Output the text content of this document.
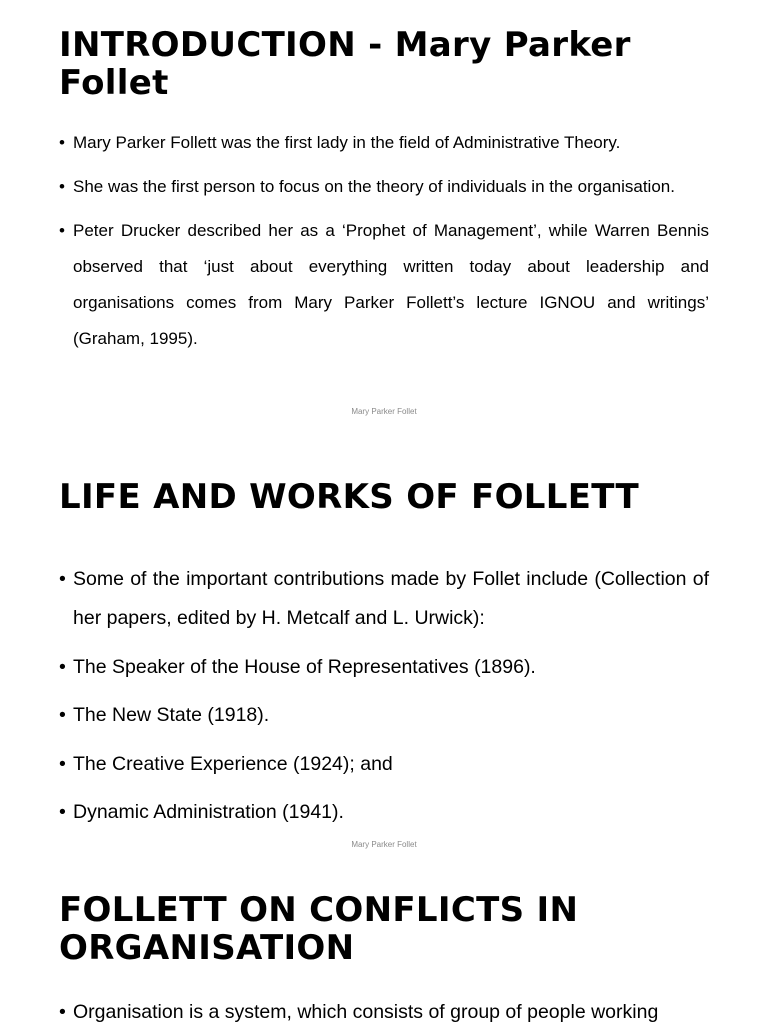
INTRODUCTION - Mary Parker Follet
• Mary Parker Follett was the first lady in the field of Administrative Theory.
• She was the first person to focus on the theory of individuals in the organisation.
• Peter Drucker described her as a ‘Prophet of Management’, while Warren Bennis observed that ‘just about everything written today about leadership and organisations comes from Mary Parker Follett’s lecture IGNOU and writings’ (Graham, 1995).
Mary Parker Follet
LIFE AND WORKS OF FOLLETT
• Some of the important contributions made by Follet include (Collection of her papers, edited by H. Metcalf and L. Urwick):
• The Speaker of the House of Representatives (1896).
• The New State (1918).
• The Creative Experience (1924); and
• Dynamic Administration (1941).
Mary Parker Follet
FOLLETT ON CONFLICTS IN ORGANISATION
• Organisation is a system, which consists of group of people working
